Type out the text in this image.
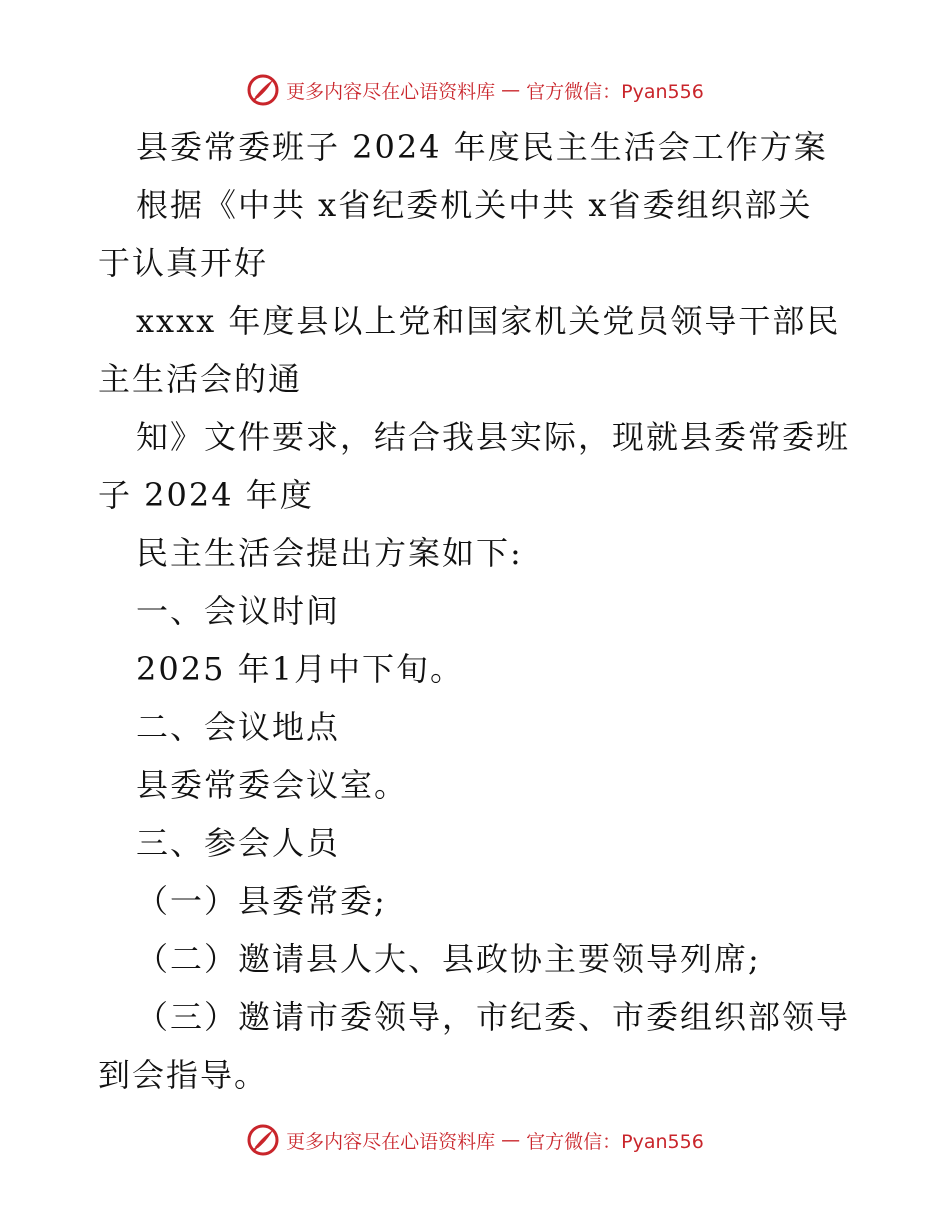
更多内容尽在心语资料库 — 官方微信：Pyan556
县委常委班子 2024 年度民主生活会工作方案
根据《中共 x省纪委机关中共 x省委组织部关
于认真开好
xxxx 年度县以上党和国家机关党员领导干部民
主生活会的通
知》文件要求，结合我县实际，现就县委常委班
子 2024 年度
民主生活会提出方案如下:
一、会议时间
2025 年1月中下旬。
二、会议地点
县委常委会议室。
三、参会人员
（一）县委常委;
（二）邀请县人大、县政协主要领导列席;
（三）邀请市委领导，市纪委、市委组织部领导
到会指导。
更多内容尽在心语资料库 — 官方微信：Pyan556
